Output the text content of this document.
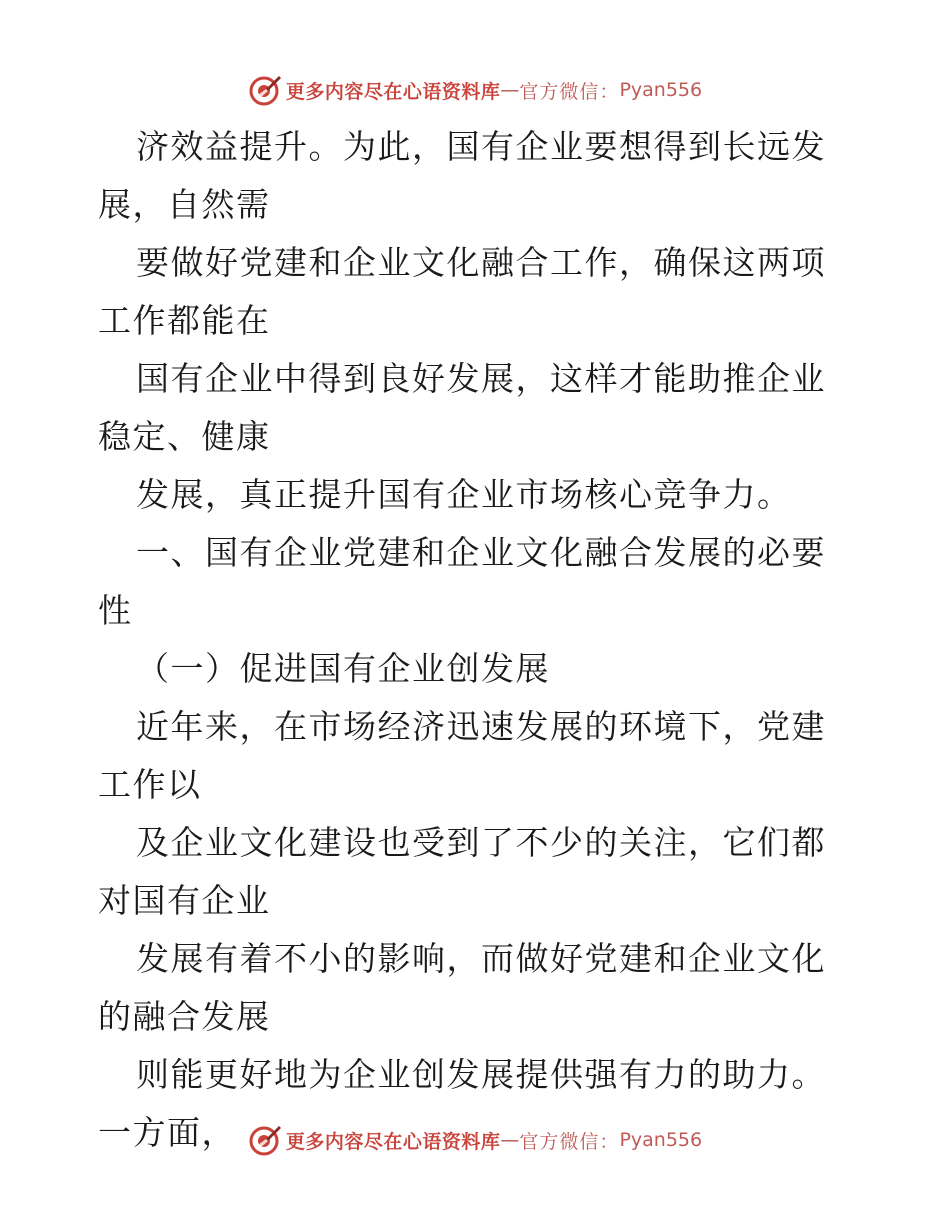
更多内容尽在心语资料库 — 官方微信： Pyan556

济效益提升。为此，国有企业要想得到长远发展，自然需

要做好党建和企业文化融合工作，确保这两项工作都能在

国有企业中得到良好发展，这样才能助推企业稳定、健康

发展，真正提升国有企业市场核心竞争力。

一、国有企业党建和企业文化融合发展的必要性

（一）促进国有企业创发展

近年来，在市场经济迅速发展的环境下，党建工作以

及企业文化建设也受到了不少的关注，它们都对国有企业

发展有着不小的影响，而做好党建和企业文化的融合发展

则能更好地为企业创发展提供强有力的助力。一方面，	更多内容尽在心语资料库 — 官方微信： Pyan556
